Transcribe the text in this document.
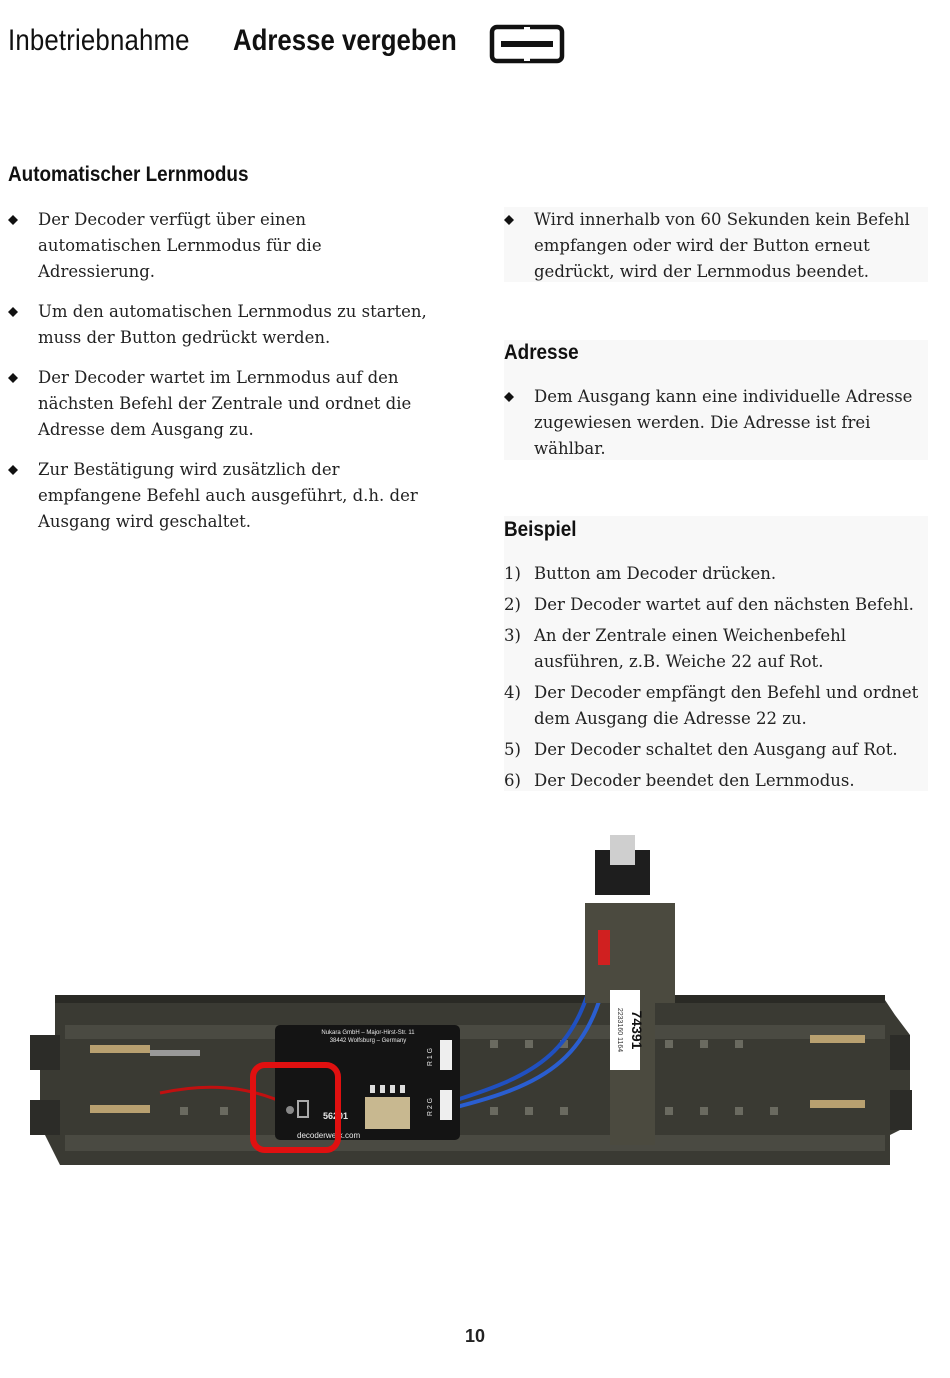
Inbetriebnahme Adresse vergeben
Automatischer Lernmodus
Der Decoder verfügt über einen automatischen Lernmodus für die Adressierung.
Um den automatischen Lernmodus zu starten, muss der Button gedrückt werden.
Der Decoder wartet im Lernmodus auf den nächsten Befehl der Zentrale und ordnet die Adresse dem Ausgang zu.
Zur Bestätigung wird zusätzlich der empfangene Befehl auch ausgeführt, d.h. der Ausgang wird geschaltet.
Wird innerhalb von 60 Sekunden kein Befehl empfangen oder wird der Button erneut gedrückt, wird der Lernmodus beendet.
Adresse
Dem Ausgang kann eine individuelle Adresse zugewiesen werden. Die Adresse ist frei wählbar.
Beispiel
1) Button am Decoder drücken.
2) Der Decoder wartet auf den nächsten Befehl.
3) An der Zentrale einen Weichenbefehl ausführen, z.B. Weiche 22 auf Rot.
4) Der Decoder empfängt den Befehl und ordnet dem Ausgang die Adresse 22 zu.
5) Der Decoder schaltet den Ausgang auf Rot.
6) Der Decoder beendet den Lernmodus.
74391
2233160 1164
Nukara GmbH – Major-Hirst-Str. 11
38442 Wolfsburg – Germany
56201
decoderwerk.com
R 1 G
R 2 G
10
